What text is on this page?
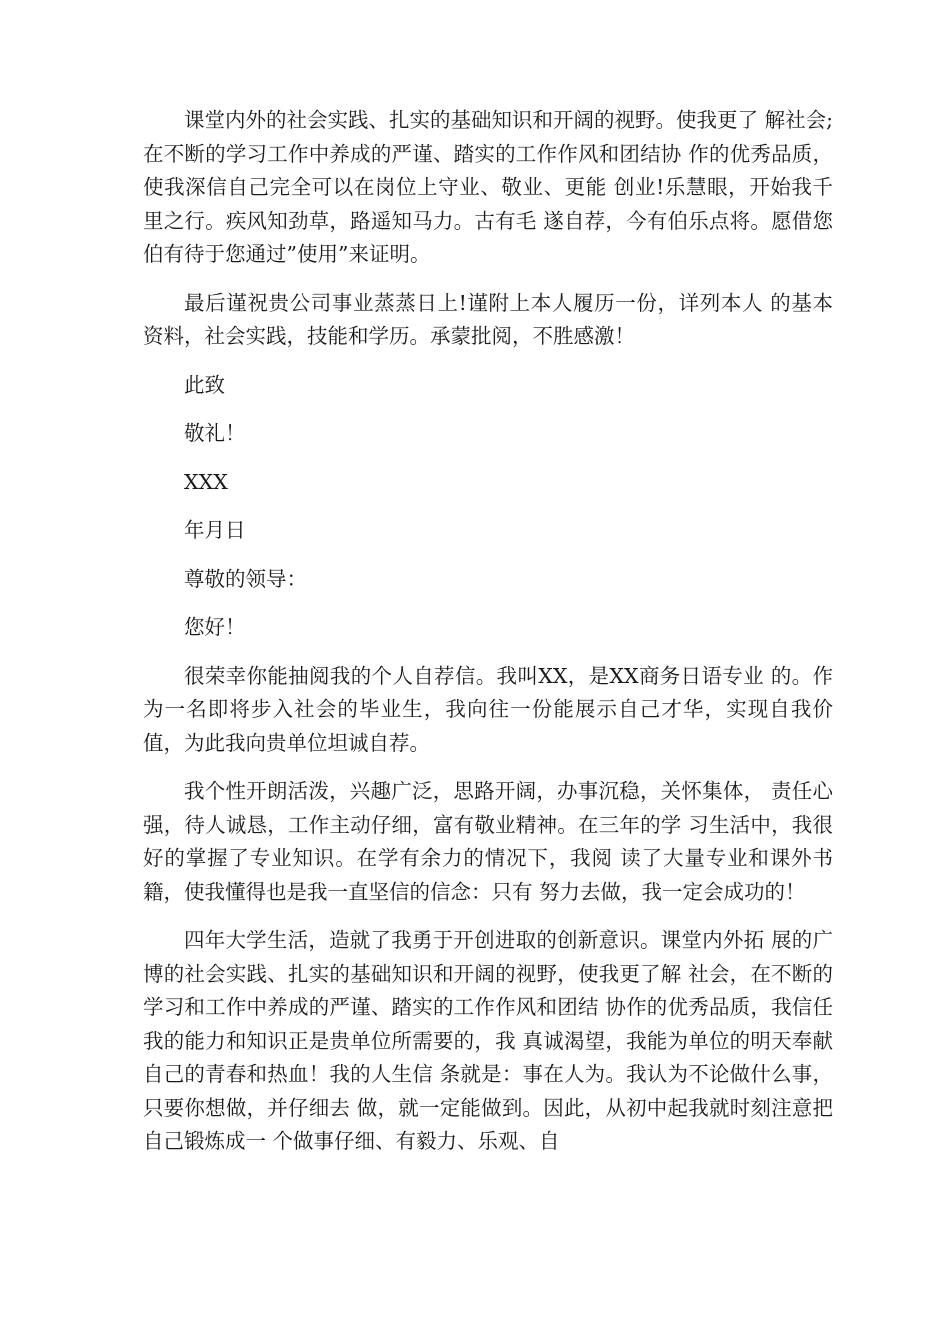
课堂内外的社会实践、扎实的基础知识和开阔的视野。使我更了 解社会;在不断的学习工作中养成的严谨、踏实的工作作风和团结协 作的优秀品质，使我深信自己完全可以在岗位上守业、敬业、更能 创业!乐慧眼，开始我千里之行。疾风知劲草，路遥知马力。古有毛 遂自荐，今有伯乐点将。愿借您伯有待于您通过”使用”来证明。

最后谨祝贵公司事业蒸蒸日上!谨附上本人履历一份，详列本人 的基本资料，社会实践，技能和学历。承蒙批阅，不胜感激！

此致

敬礼！

XXX

年月日

尊敬的领导：

您好！

很荣幸你能抽阅我的个人自荐信。我叫XX，是XX商务日语专业 的。作为一名即将步入社会的毕业生，我向往一份能展示自己才华，实现自我价值，为此我向贵单位坦诚自荐。

我个性开朗活泼，兴趣广泛，思路开阔，办事沉稳，关怀集体， 责任心强，待人诚恳，工作主动仔细，富有敬业精神。在三年的学 习生活中，我很好的掌握了专业知识。在学有余力的情况下，我阅 读了大量专业和课外书籍，使我懂得也是我一直坚信的信念：只有 努力去做，我一定会成功的！

四年大学生活，造就了我勇于开创进取的创新意识。课堂内外拓 展的广博的社会实践、扎实的基础知识和开阔的视野，使我更了解 社会，在不断的学习和工作中养成的严谨、踏实的工作作风和团结 协作的优秀品质，我信任我的能力和知识正是贵单位所需要的，我 真诚渴望，我能为单位的明天奉献自己的青春和热血！我的人生信 条就是：事在人为。我认为不论做什么事，只要你想做，并仔细去 做，就一定能做到。因此，从初中起我就时刻注意把自己锻炼成一 个做事仔细、有毅力、乐观、自
